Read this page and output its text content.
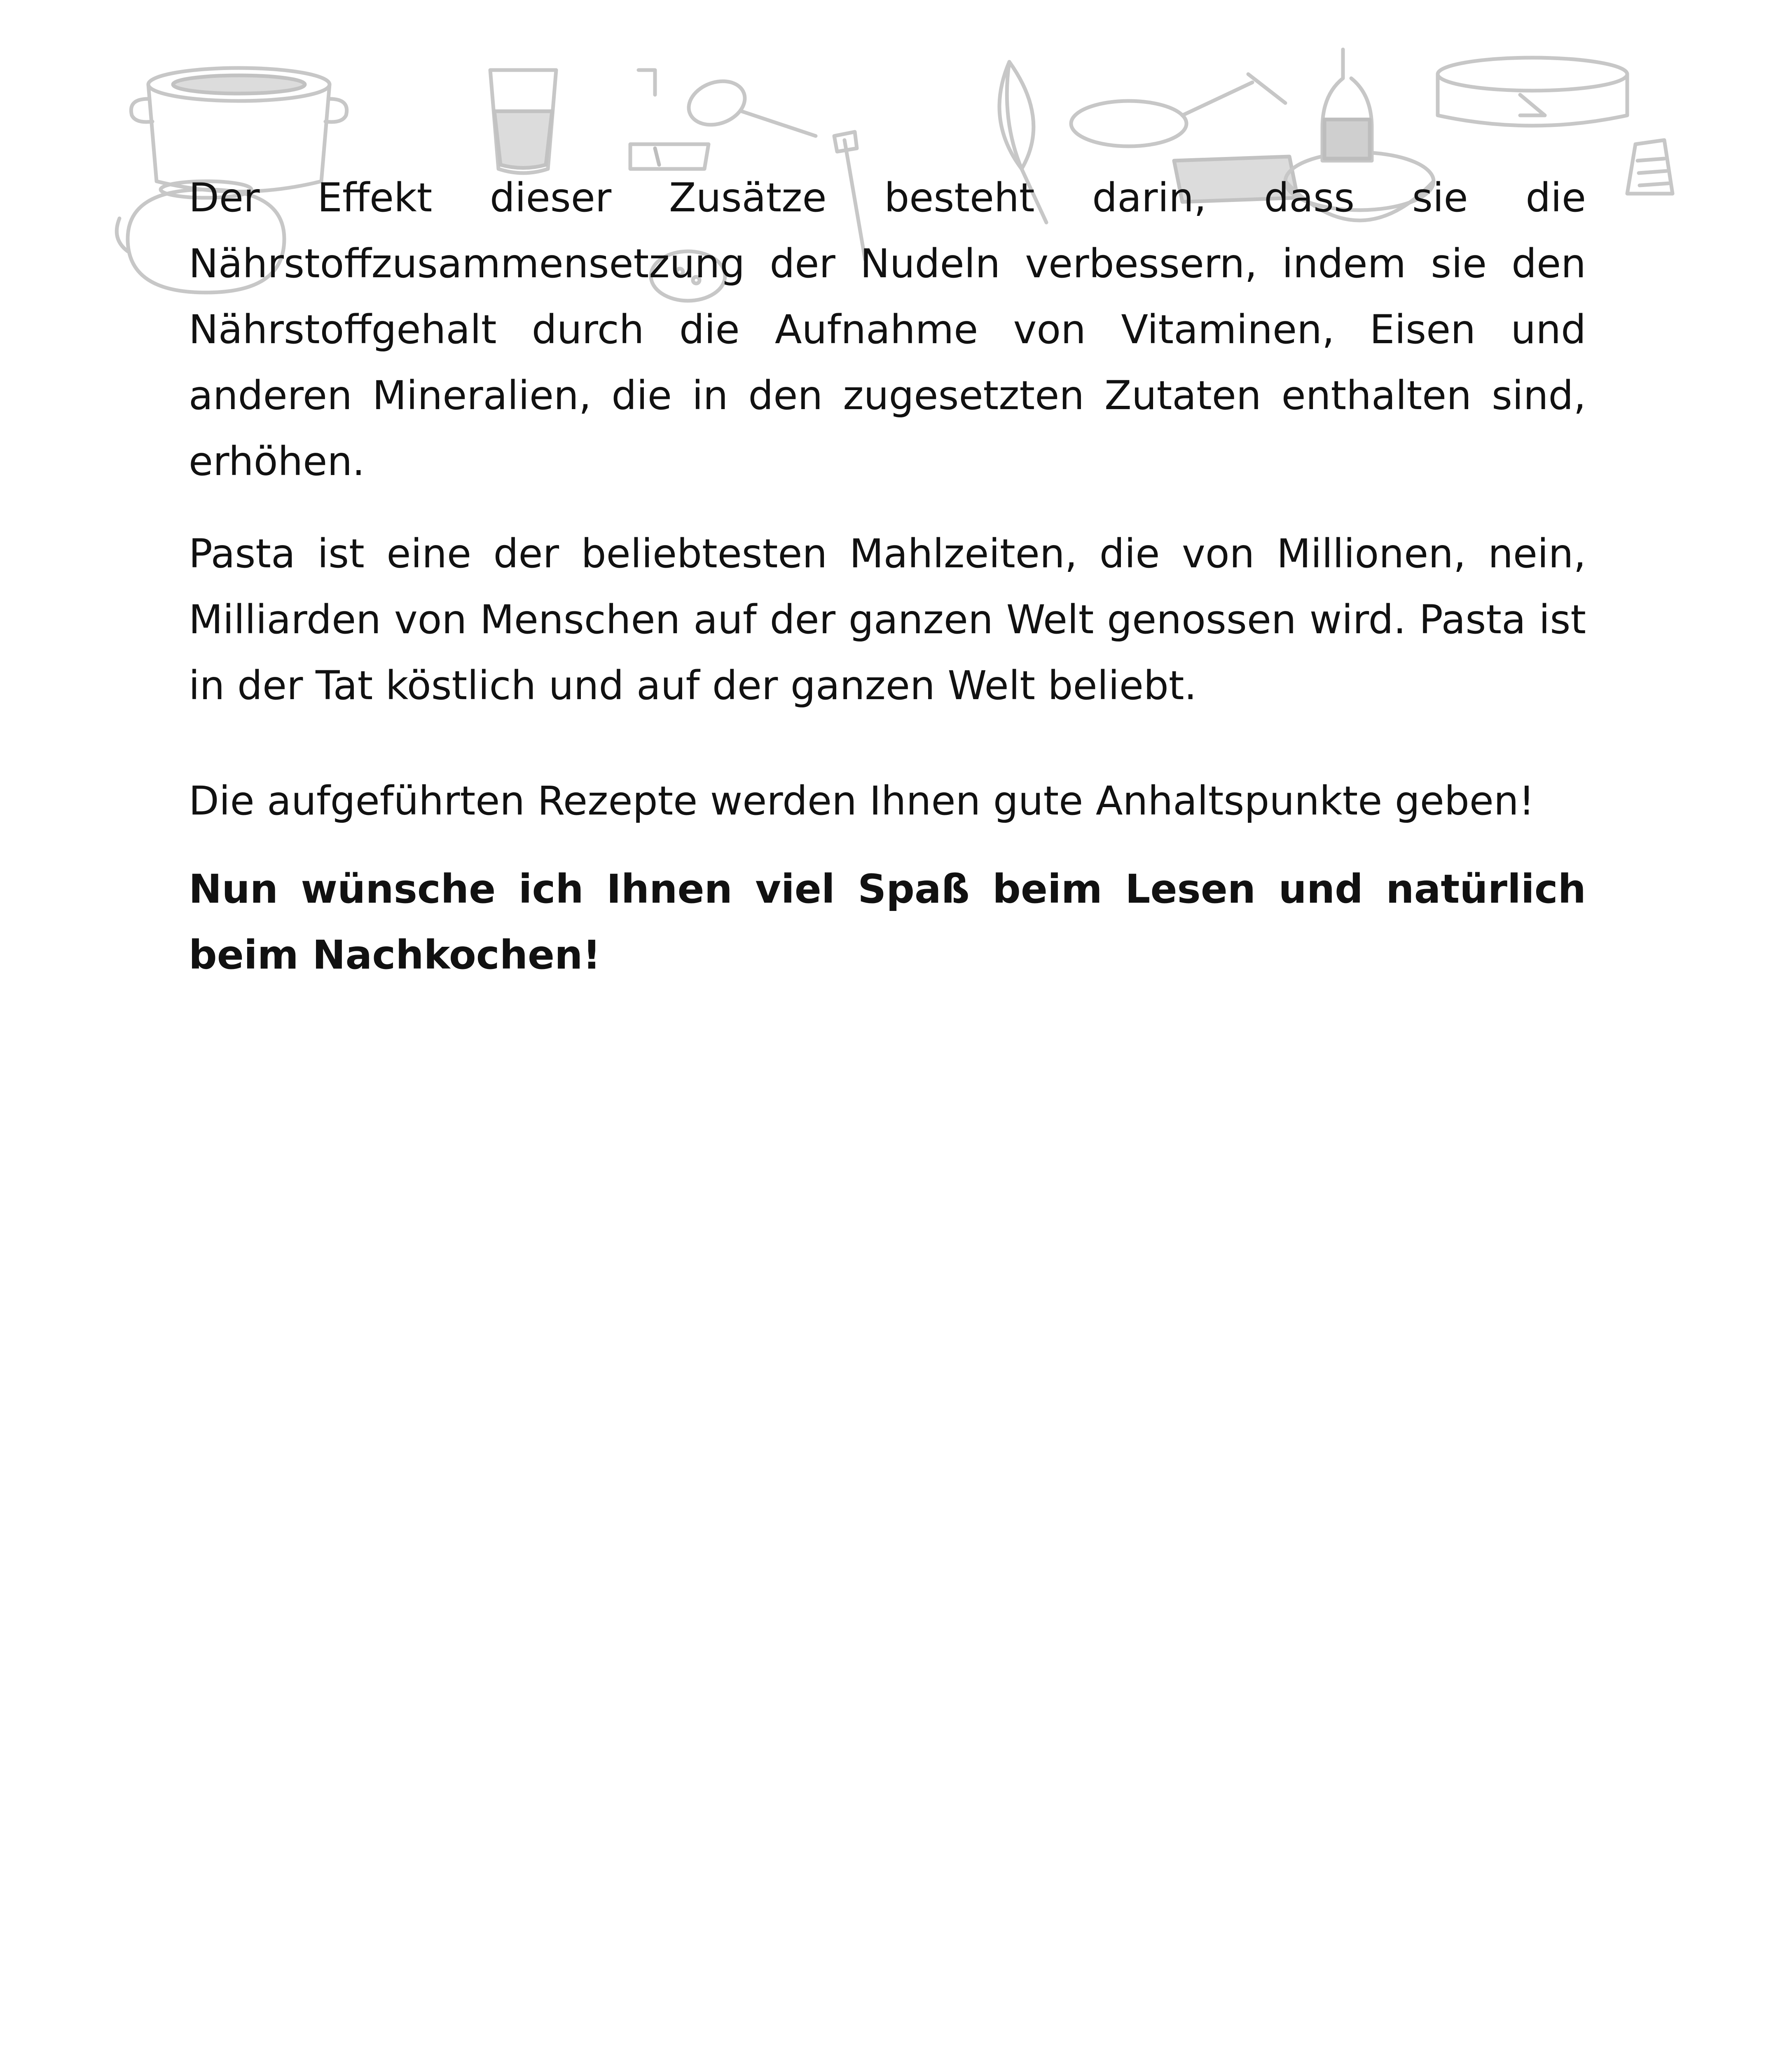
Der Effekt dieser Zusätze besteht darin, dass sie die Nährstoffzusammensetzung der Nudeln verbessern, indem sie den Nährstoffgehalt durch die Aufnahme von Vitaminen, Eisen und anderen Mineralien, die in den zugesetzten Zutaten enthalten sind, erhöhen.

Pasta ist eine der beliebtesten Mahlzeiten, die von Millionen, nein, Milliarden von Menschen auf der ganzen Welt genossen wird. Pasta ist in der Tat köstlich und auf der ganzen Welt beliebt.

Die aufgeführten Rezepte werden Ihnen gute Anhaltspunkte geben!

Nun wünsche ich Ihnen viel Spaß beim Lesen und natürlich beim Nachkochen!
